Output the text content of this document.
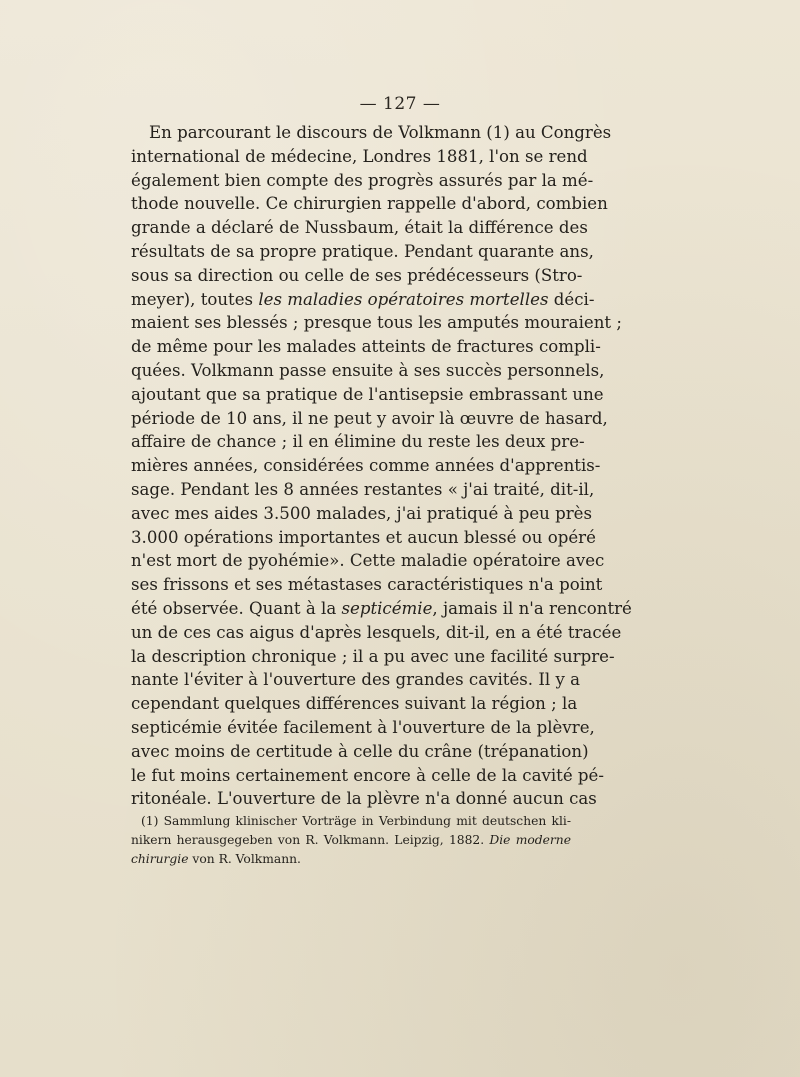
— 127 —
En parcourant le discours de Volkmann (1) au Congrès
international de médecine, Londres 1881, l'on se rend
également bien compte des progrès assurés par la mé-
thode nouvelle. Ce chirurgien rappelle d'abord, combien
grande a déclaré de Nussbaum, était la différence des
résultats de sa propre pratique. Pendant quarante ans,
sous sa direction ou celle de ses prédécesseurs (Stro-
meyer), toutes les maladies opératoires mortelles déci-
maient ses blessés ; presque tous les amputés mouraient ;
de même pour les malades atteints de fractures compli-
quées. Volkmann passe ensuite à ses succès personnels,
ajoutant que sa pratique de l'antisepsie embrassant une
période de 10 ans, il ne peut y avoir là œuvre de hasard,
affaire de chance ; il en élimine du reste les deux pre-
mières années, considérées comme années d'apprentis-
sage. Pendant les 8 années restantes « j'ai traité, dit-il,
avec mes aides 3.500 malades, j'ai pratiqué à peu près
3.000 opérations importantes et aucun blessé ou opéré
n'est mort de pyohémie». Cette maladie opératoire avec
ses frissons et ses métastases caractéristiques n'a point
été observée. Quant à la septicémie, jamais il n'a rencontré
un de ces cas aigus d'après lesquels, dit-il, en a été tracée
la description chronique ; il a pu avec une facilité surpre-
nante l'éviter à l'ouverture des grandes cavités. Il y a
cependant quelques différences suivant la région ; la
septicémie évitée facilement à l'ouverture de la plèvre,
avec moins de certitude à celle du crâne (trépanation)
le fut moins certainement encore à celle de la cavité pé-
ritonéale. L'ouverture de la plèvre n'a donné aucun cas
(1) Sammlung klinischer Vorträge in Verbindung mit deutschen kli-
nikern herausgegeben von R. Volkmann. Leipzig, 1882. Die moderne
chirurgie von R. Volkmann.
